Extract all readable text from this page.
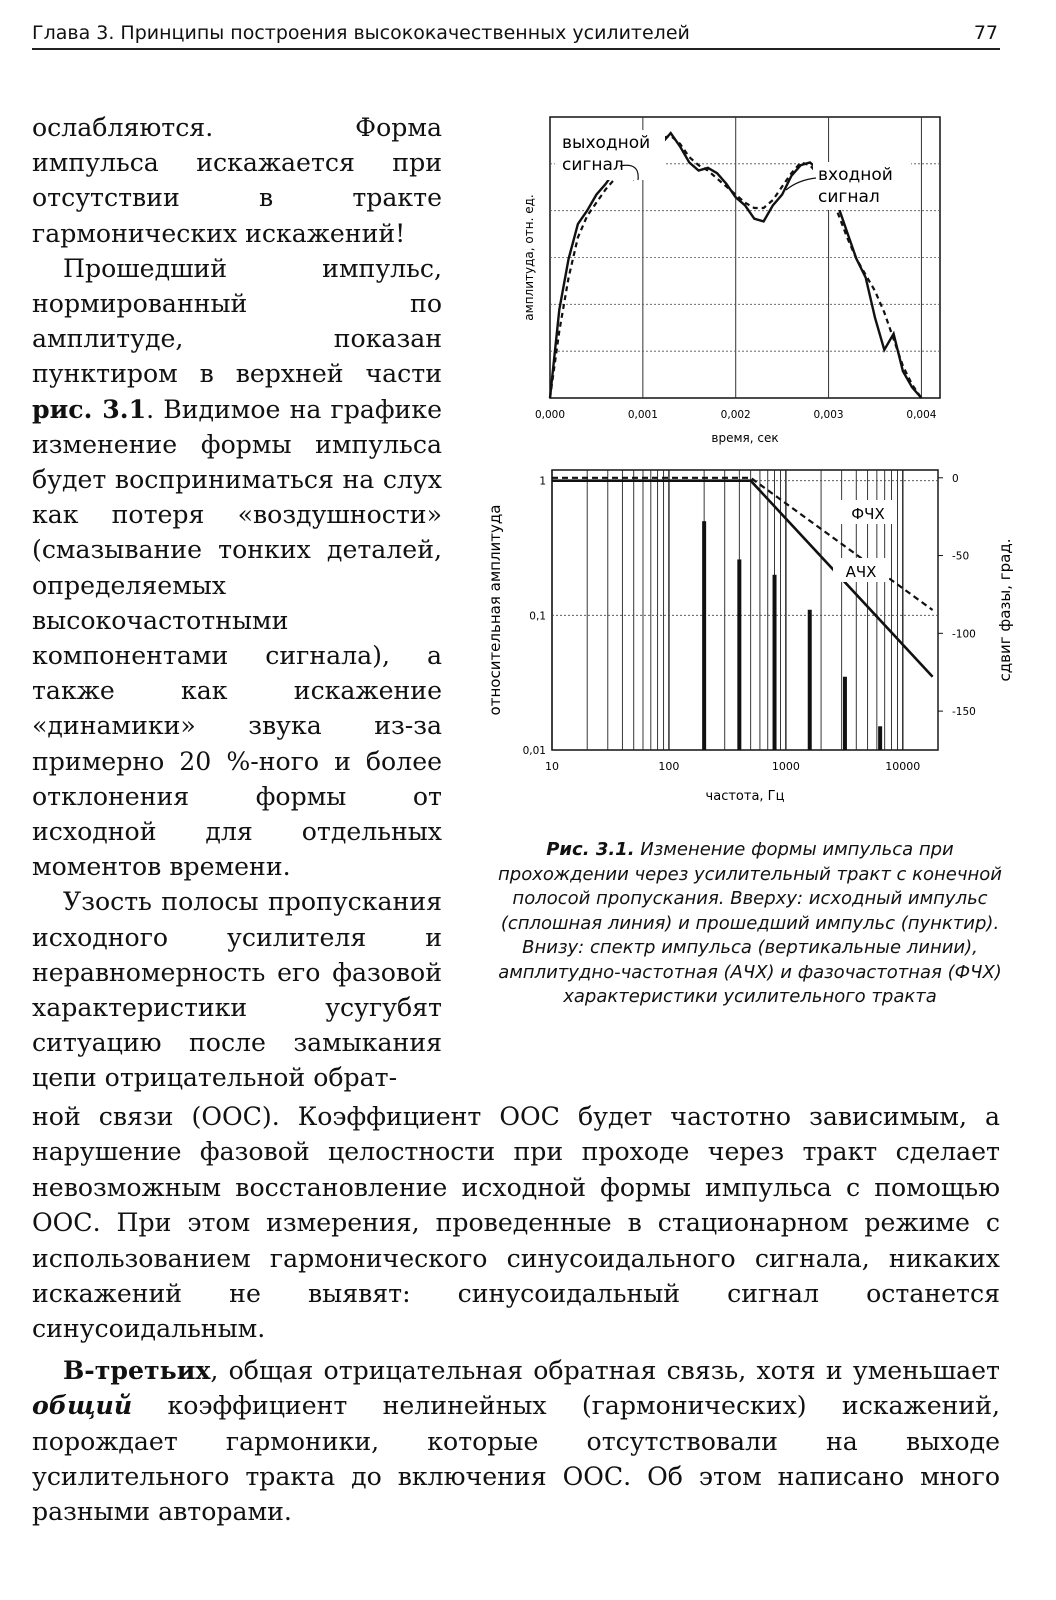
Глава 3. Принципы построения высококачественных усилителей	77

ослабляются. Форма импульса искажается при отсутствии в тракте гармонических искажений!

Прошедший импульс, нормированный по амплитуде, показан пунктиром в верхней части рис. 3.1. Видимое на графике изменение формы импульса будет восприниматься на слух как потеря «воздушности» (смазывание тонких деталей, определяемых высокочастотными компонентами сигнала), а также как искажение «динамики» звука из-за примерно 20 %-ного и более отклонения формы от исходной для отдельных моментов времени.

Узость полосы пропускания исходного усилителя и неравномерность его фазовой характеристики усугубят ситуацию после замыкания цепи отрицательной обрат-

0,000	0,001	0,002	0,003	0,004
время, сек
амплитуда, отн. ед.
выходной
сигнал	входной
сигнал
10	100	1000	10000
1
0,1
0,01
0
-50
-100
-150
частота, Гц
относительная амплитуда	сдвиг фазы, град.
ФЧХ
АЧХ
Рис. 3.1. Изменение формы импульса при прохождении через усилительный тракт с конечной полосой пропускания. Вверху: исходный импульс (сплошная линия) и прошедший импульс (пунктир). Внизу: спектр импульса (вертикальные линии), амплитудно-частотная (АЧХ) и фазочастотная (ФЧХ) характеристики усилительного тракта

ной связи (ООС). Коэффициент ООС будет частотно зависимым, а нарушение фазовой целостности при проходе через тракт сделает невозможным восстановление исходной формы импульса с помощью ООС. При этом измерения, проведенные в стационарном режиме с использованием гармонического синусоидального сигнала, никаких искажений не выявят: синусоидальный сигнал останется синусоидальным.

В-третьих, общая отрицательная обратная связь, хотя и уменьшает общий коэффициент нелинейных (гармонических) искажений, порождает гармоники, которые отсутствовали на выходе усилительного тракта до включения ООС. Об этом написано много разными авторами.
